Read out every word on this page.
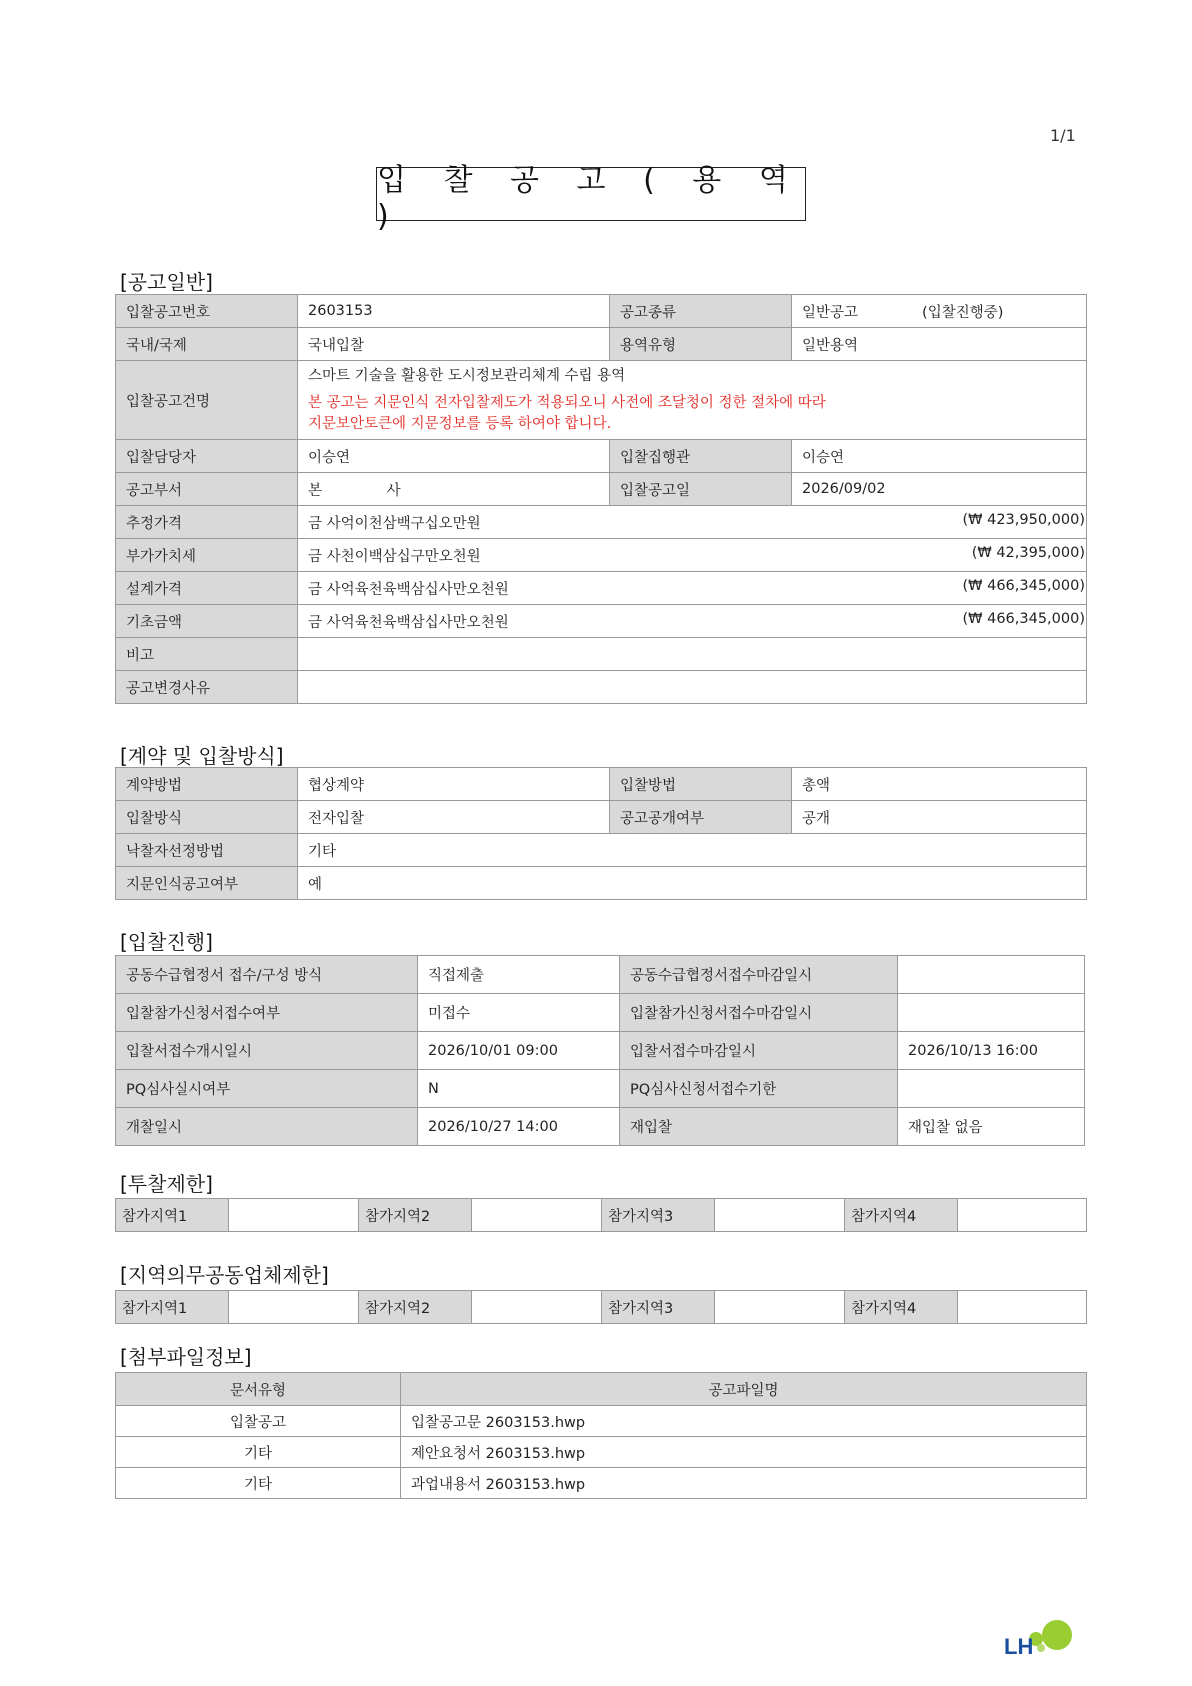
1/1
입 찰 공 고 ( 용 역 )
[공고일반]
입찰공고번호	2603153	공고종류	일반공고 (입찰진행중)
국내/국제	국내입찰	용역유형	일반용역
입찰공고건명	스마트 기술을 활용한 도시정보관리체계 수립 용역
본 공고는 지문인식 전자입찰제도가 적용되오니 사전에 조달청이 정한 절차에 따라
지문보안토큰에 지문정보를 등록 하여야 합니다.		

입찰담당자	이승연	입찰집행관	이승연
공고부서	본 사	입찰공고일	2026/09/02
추정가격	금 사억이천삼백구십오만원 (₩ 423,950,000)		

부가가치세	금 사천이백삼십구만오천원 (₩ 42,395,000)		

설계가격	금 사억육천육백삼십사만오천원 (₩ 466,345,000)		

기초금액	금 사억육천육백삼십사만오천원 (₩ 466,345,000)		

비고			
공고변경사유			
[계약 및 입찰방식]
계약방법	협상계약	입찰방법	총액
입찰방식	전자입찰	공고공개여부	공개
낙찰자선정방법	기타		
지문인식공고여부	예		
[입찰진행]
공동수급협정서 접수/구성 방식	직접제출	공동수급협정서접수마감일시	
입찰참가신청서접수여부	미접수	입찰참가신청서접수마감일시	
입찰서접수개시일시	2026/10/01 09:00	입찰서접수마감일시	2026/10/13 16:00
PQ심사실시여부	N	PQ심사신청서접수기한	
개찰일시	2026/10/27 14:00	재입찰	재입찰 없음
[투찰제한]
참가지역1		참가지역2		참가지역3		참가지역4	
[지역의무공동업체제한]
참가지역1		참가지역2		참가지역3		참가지역4	
[첨부파일정보]
문서유형	공고파일명
입찰공고	입찰공고문 2603153.hwp
기타	제안요청서 2603153.hwp
기타	과업내용서 2603153.hwp
LH
